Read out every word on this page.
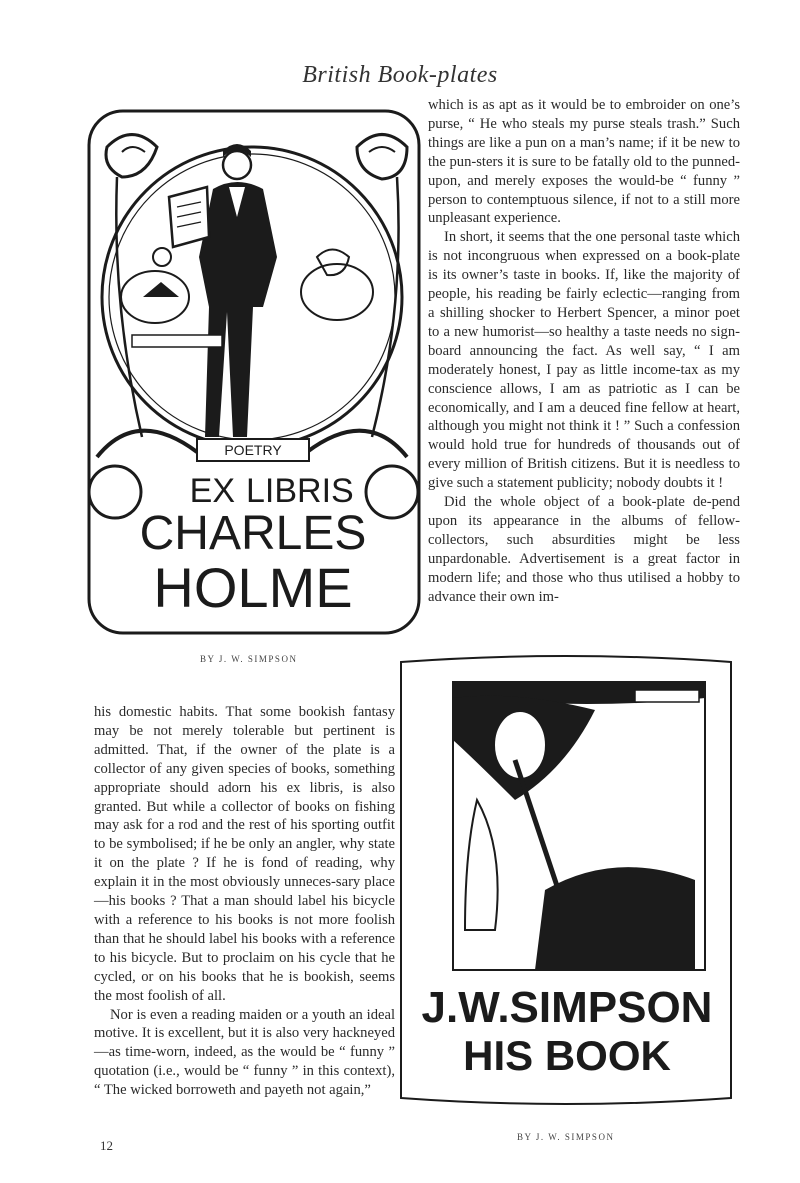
British Book-plates
POETRY
EX LIBRIS
CHARLES
HOLME
BY J. W. SIMPSON

which is as apt as it would be to embroider on one’s purse, “ He who steals my purse steals trash.” Such things are like a pun on a man’s name; if it be new to the pun-sters it is sure to be fatally old to the punned-upon, and merely exposes the would-be “ funny ” person to contemptuous silence, if not to a still more unpleasant experience.

In short, it seems that the one personal taste which is not incongruous when expressed on a book-plate is its owner’s taste in books. If, like the majority of people, his reading be fairly eclectic—ranging from a shilling shocker to Herbert Spencer, a minor poet to a new humorist—so healthy a taste needs no sign-board announcing the fact. As well say, “ I am moderately honest, I pay as little income-tax as my conscience allows, I am as patriotic as I can be economically, and I am a deuced fine fellow at heart, although you might not think it ! ” Such a confession would hold true for hundreds of thousands out of every million of British citizens. But it is needless to give such a statement publicity; nobody doubts it !

Did the whole object of a book-plate de-pend upon its appearance in the albums of fellow-collectors, such absurdities might be less unpardonable. Advertisement is a great factor in modern life; and those who thus utilised a hobby to advance their own im-

his domestic habits. That some bookish fantasy may be not merely tolerable but pertinent is admitted. That, if the owner of the plate is a collector of any given species of books, something appropriate should adorn his ex libris, is also granted. But while a collector of books on fishing may ask for a rod and the rest of his sporting outfit to be symbolised; if he be only an angler, why state it on the plate ? If he is fond of reading, why explain it in the most obviously unneces-sary place—his books ? That a man should label his bicycle with a reference to his books is not more foolish than that he should label his books with a reference to his bicycle. But to proclaim on his cycle that he cycled, or on his books that he is bookish, seems the most foolish of all.

Nor is even a reading maiden or a youth an ideal motive. It is excellent, but it is also very hackneyed—as time-worn, indeed, as the would be “ funny ” quotation (i.e., would be “ funny ” in this context), “ The wicked borroweth and payeth not again,”

J.W.SIMPSON
HIS BOOK
BY J. W. SIMPSON
12
